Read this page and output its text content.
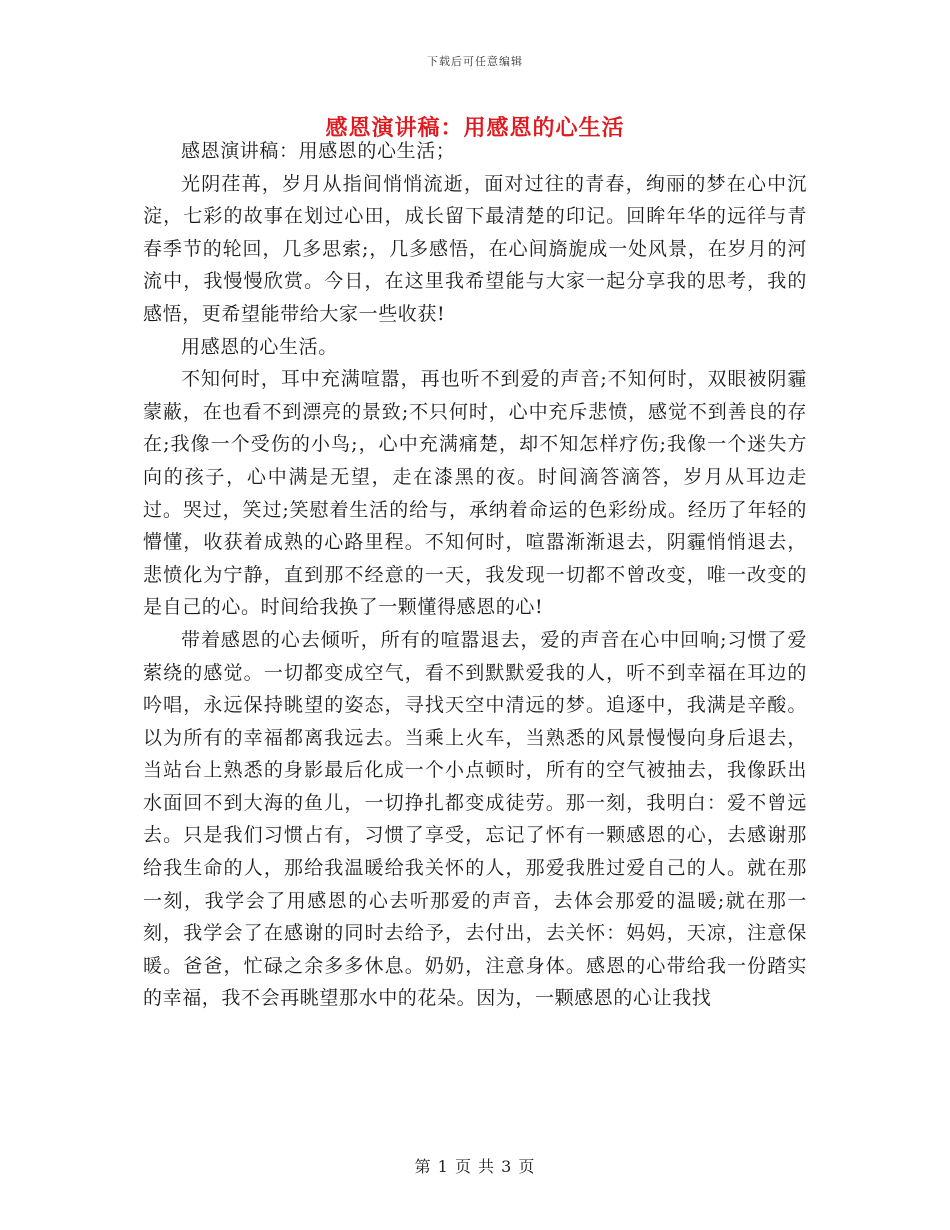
下载后可任意编辑
感恩演讲稿：用感恩的心生活

感恩演讲稿：用感恩的心生活；

光阴荏苒，岁月从指间悄悄流逝，面对过往的青春，绚丽的梦在心中沉淀，七彩的故事在划过心田，成长留下最清楚的印记。回眸年华的远徉与青春季节的轮回，几多思索;，几多感悟，在心间旖旎成一处风景，在岁月的河流中，我慢慢欣赏。今日，在这里我希望能与大家一起分享我的思考，我的感悟，更希望能带给大家一些收获!

用感恩的心生活。

不知何时，耳中充满喧嚣，再也听不到爱的声音;不知何时，双眼被阴霾蒙蔽，在也看不到漂亮的景致;不只何时，心中充斥悲愤，感觉不到善良的存在;我像一个受伤的小鸟;，心中充满痛楚，却不知怎样疗伤;我像一个迷失方向的孩子，心中满是无望，走在漆黑的夜。时间滴答滴答，岁月从耳边走过。哭过，笑过;笑慰着生活的给与，承纳着命运的色彩纷成。经历了年轻的懵懂，收获着成熟的心路里程。不知何时，喧嚣渐渐退去，阴霾悄悄退去，悲愤化为宁静，直到那不经意的一天，我发现一切都不曾改变，唯一改变的是自己的心。时间给我换了一颗懂得感恩的心!

带着感恩的心去倾听，所有的喧嚣退去，爱的声音在心中回响;习惯了爱萦绕的感觉。一切都变成空气，看不到默默爱我的人，听不到幸福在耳边的吟唱，永远保持眺望的姿态，寻找天空中清远的梦。追逐中，我满是辛酸。以为所有的幸福都离我远去。当乘上火车，当熟悉的风景慢慢向身后退去，当站台上熟悉的身影最后化成一个小点顿时，所有的空气被抽去，我像跃出水面回不到大海的鱼儿，一切挣扎都变成徒劳。那一刻，我明白：爱不曾远去。只是我们习惯占有，习惯了享受，忘记了怀有一颗感恩的心，去感谢那给我生命的人，那给我温暖给我关怀的人，那爱我胜过爱自己的人。就在那一刻，我学会了用感恩的心去听那爱的声音，去体会那爱的温暖;就在那一刻，我学会了在感谢的同时去给予，去付出，去关怀：妈妈，天凉，注意保暖。爸爸，忙碌之余多多休息。奶奶，注意身体。感恩的心带给我一份踏实的幸福，我不会再眺望那水中的花朵。因为，一颗感恩的心让我找

第 1 页 共 3 页
